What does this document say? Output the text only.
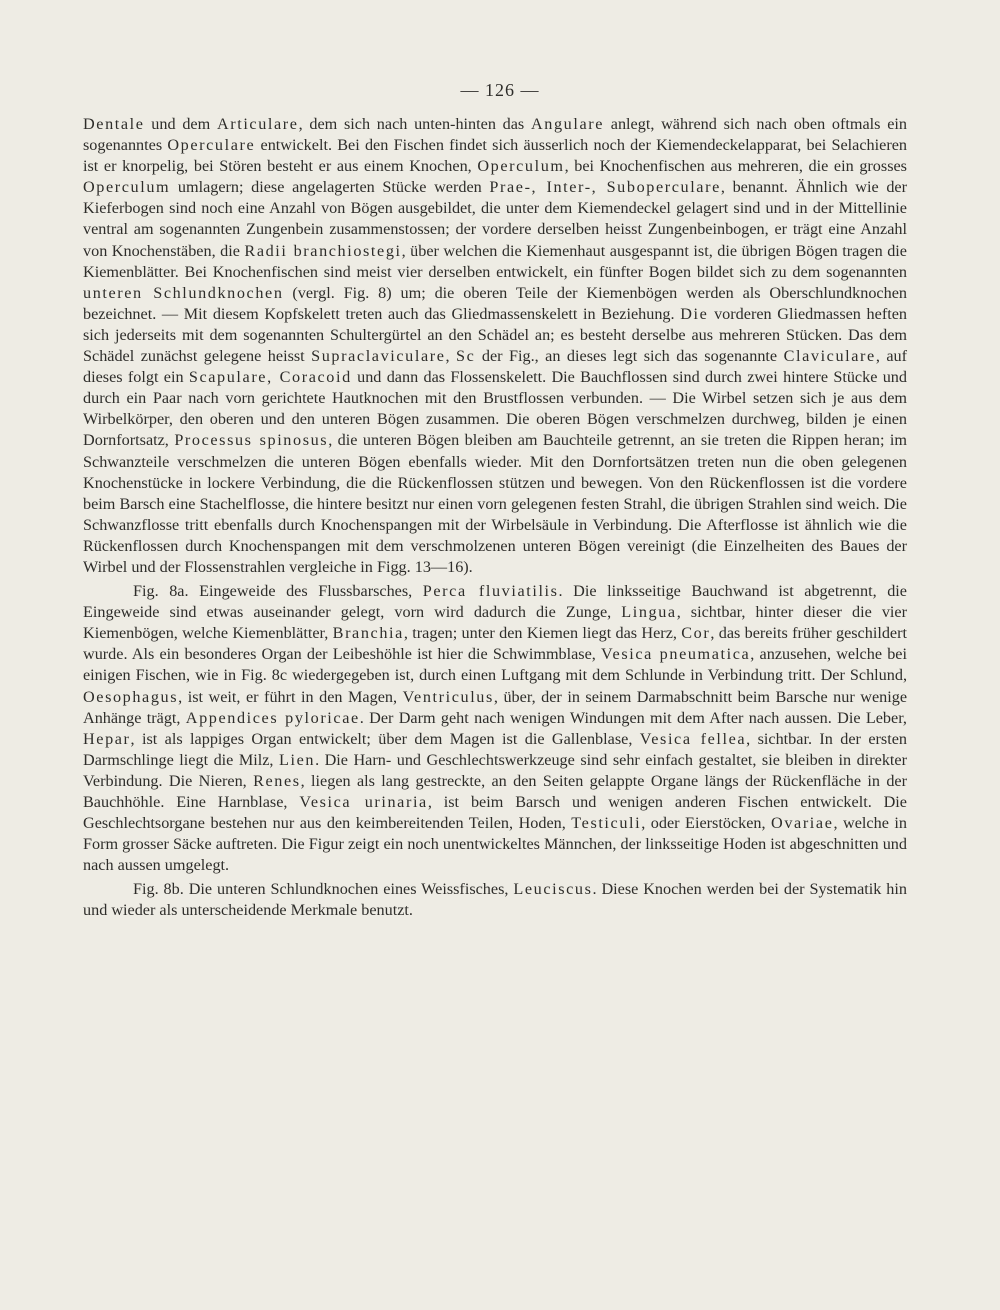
— 126 —

Dentale und dem Articulare, dem sich nach unten-hinten das Angulare anlegt, während sich nach oben oftmals ein sogenanntes Operculare entwickelt. Bei den Fischen findet sich äusserlich noch der Kiemendeckelapparat, bei Selachieren ist er knorpelig, bei Stören besteht er aus einem Knochen, Operculum, bei Knochenfischen aus mehreren, die ein grosses Operculum umlagern; diese angelagerten Stücke werden Prae-, Inter-, Suboperculare, benannt. Ähnlich wie der Kieferbogen sind noch eine Anzahl von Bögen ausgebildet, die unter dem Kiemendeckel gelagert sind und in der Mittellinie ventral am sogenannten Zungenbein zusammenstossen; der vordere derselben heisst Zungenbeinbogen, er trägt eine Anzahl von Knochenstäben, die Radii branchiostegi, über welchen die Kiemenhaut ausgespannt ist, die übrigen Bögen tragen die Kiemenblätter. Bei Knochenfischen sind meist vier derselben entwickelt, ein fünfter Bogen bildet sich zu dem sogenannten unteren Schlundknochen (vergl. Fig. 8) um; die oberen Teile der Kiemenbögen werden als Oberschlundknochen bezeichnet. — Mit diesem Kopfskelett treten auch das Gliedmassenskelett in Beziehung. Die vorderen Gliedmassen heften sich jederseits mit dem sogenannten Schultergürtel an den Schädel an; es besteht derselbe aus mehreren Stücken. Das dem Schädel zunächst gelegene heisst Supraclaviculare, Sc der Fig., an dieses legt sich das sogenannte Claviculare, auf dieses folgt ein Scapulare, Coracoid und dann das Flossenskelett. Die Bauchflossen sind durch zwei hintere Stücke und durch ein Paar nach vorn gerichtete Hautknochen mit den Brustflossen verbunden. — Die Wirbel setzen sich je aus dem Wirbelkörper, den oberen und den unteren Bögen zusammen. Die oberen Bögen verschmelzen durchweg, bilden je einen Dornfortsatz, Processus spinosus, die unteren Bögen bleiben am Bauchteile getrennt, an sie treten die Rippen heran; im Schwanzteile verschmelzen die unteren Bögen ebenfalls wieder. Mit den Dornfortsätzen treten nun die oben gelegenen Knochenstücke in lockere Verbindung, die die Rückenflossen stützen und bewegen. Von den Rückenflossen ist die vordere beim Barsch eine Stachelflosse, die hintere besitzt nur einen vorn gelegenen festen Strahl, die übrigen Strahlen sind weich. Die Schwanzflosse tritt ebenfalls durch Knochenspangen mit der Wirbelsäule in Verbindung. Die Afterflosse ist ähnlich wie die Rückenflossen durch Knochenspangen mit dem verschmolzenen unteren Bögen vereinigt (die Einzelheiten des Baues der Wirbel und der Flossenstrahlen vergleiche in Figg. 13—16).

Fig. 8a. Eingeweide des Flussbarsches, Perca fluviatilis. Die linksseitige Bauchwand ist abgetrennt, die Eingeweide sind etwas auseinander gelegt, vorn wird dadurch die Zunge, Lingua, sichtbar, hinter dieser die vier Kiemenbögen, welche Kiemenblätter, Branchia, tragen; unter den Kiemen liegt das Herz, Cor, das bereits früher geschildert wurde. Als ein besonderes Organ der Leibeshöhle ist hier die Schwimmblase, Vesica pneumatica, anzusehen, welche bei einigen Fischen, wie in Fig. 8c wiedergegeben ist, durch einen Luftgang mit dem Schlunde in Verbindung tritt. Der Schlund, Oesophagus, ist weit, er führt in den Magen, Ventriculus, über, der in seinem Darmabschnitt beim Barsche nur wenige Anhänge trägt, Appendices pyloricae. Der Darm geht nach wenigen Windungen mit dem After nach aussen. Die Leber, Hepar, ist als lappiges Organ entwickelt; über dem Magen ist die Gallenblase, Vesica fellea, sichtbar. In der ersten Darmschlinge liegt die Milz, Lien. Die Harn- und Geschlechtswerkzeuge sind sehr einfach gestaltet, sie bleiben in direkter Verbindung. Die Nieren, Renes, liegen als lang gestreckte, an den Seiten gelappte Organe längs der Rückenfläche in der Bauchhöhle. Eine Harnblase, Vesica urinaria, ist beim Barsch und wenigen anderen Fischen entwickelt. Die Geschlechtsorgane bestehen nur aus den keimbereitenden Teilen, Hoden, Testiculi, oder Eierstöcken, Ovariae, welche in Form grosser Säcke auftreten. Die Figur zeigt ein noch unentwickeltes Männchen, der linksseitige Hoden ist abgeschnitten und nach aussen umgelegt.

Fig. 8b. Die unteren Schlundknochen eines Weissfisches, Leuciscus. Diese Knochen werden bei der Systematik hin und wieder als unterscheidende Merkmale benutzt.
